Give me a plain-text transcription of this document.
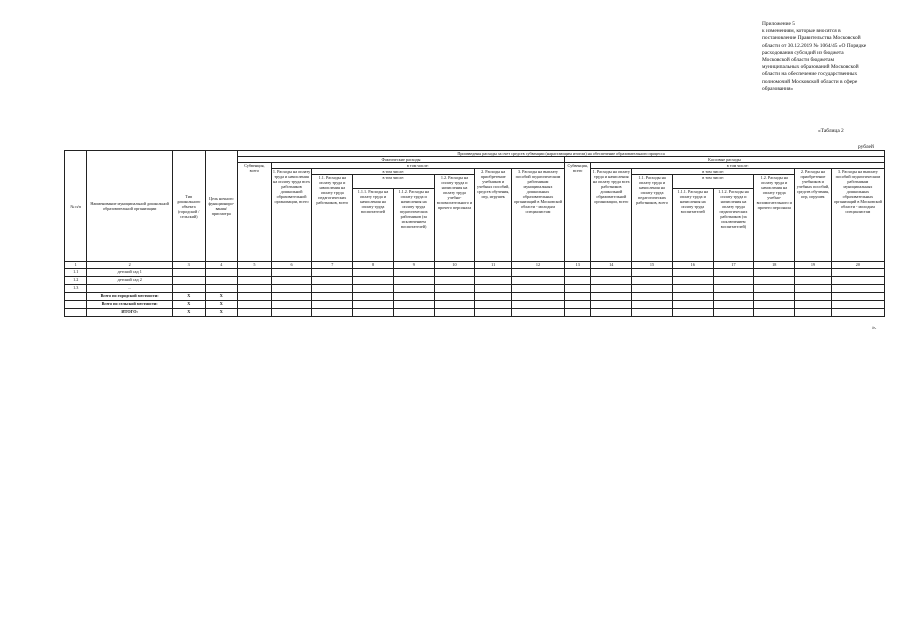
Приложение 5
к изменениям, которые вносятся в
постановление Правительства Московской
области от 30.12.2019 № 1064/45 «О Порядке
расходования субсидий из бюджета
Московской области бюджетам
муниципальных образований Московской
области на обеспечение государственных
полномочий Московской области в сфере
образования»
«Таблица 2
рублей
№ п/п	Наименование муниципальной дошкольной образовательной организации	Тип дошкольного объекта (городской / сельский)	Цель ночного функциониро- вания/ присмотра	Произведены расходы за счет средств субвенции (нарастающим итогом) на обеспечение образовательного процесса															
				Фактические расходы								Кассовые расходы							
				Субвенция, всего	в том числе:							Субвенция, всего	в том числе:						
					1. Расходы на оплату труда и начисления на оплату труда всех работников дошкольной образовательной организации, всего	в том числе:				2. Расходы на приобретение учебников и учебных пособий, средств обучения, игр, игрушек	3. Расходы на выплату пособий педагогическим работникам муниципальных дошкольных образовательных организаций в Московской области - молодым специалистам		1. Расходы на оплату труда и начисления на оплату труда всех работников дошкольной образовательной организации, всего	в том числе:				2. Расходы на приобретение учебников и учебных пособий, средств обучения, игр, игрушек	3. Расходы на выплату пособий педагогическим работникам муниципальных дошкольных образовательных организаций в Московской области - молодым специалистам
						1.1. Расходы на оплату труда и начисления на оплату труда педагогических работников, всего	в том числе:		1.2. Расходы на оплату труда и начисления на оплату труда учебно-вспомогательного и прочего персонала					1.1. Расходы на оплату труда и начисления на оплату труда педагогических работников, всего	в том числе:		1.2. Расходы на оплату труда и начисления на оплату труда учебно-вспомогательного и прочего персонала		
							1.1.1. Расходы на оплату труда и начисления на оплату труда воспитателей	1.1.2. Расходы на оплату труда и начисления на оплату труда педагогических работников (за исключением воспитателей)							1.1.1. Расходы на оплату труда и начисления на оплату труда воспитателей	1.1.2. Расходы на оплату труда и начисления на оплату труда педагогических работников (за исключением воспитателей)			
1	2	3	4	5	6	7	8	9	10	11	12	13	14	15	16	17	18	19	20
1.1	детский сад 1																		
1.2	детский сад 2																		
1.3	...																		
	Всего по городской местности:	X	X																
	Всего по сельской местности:	X	X																
	ИТОГО:	X	X																
».
